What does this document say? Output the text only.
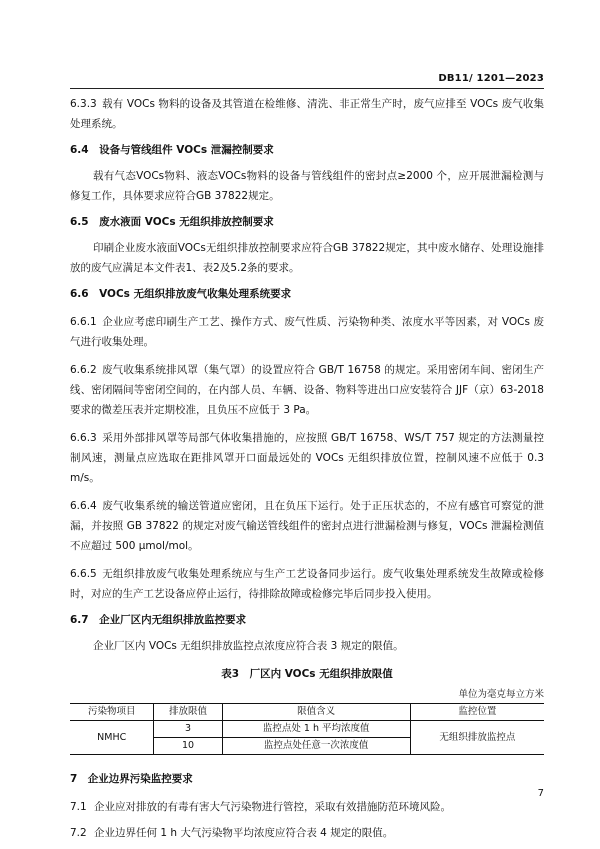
DB11/ 1201—2023

6.3.3 载有 VOCs 物料的设备及其管道在检维修、清洗、非正常生产时，废气应排至 VOCs 废气收集处理系统。

6.4　设备与管线组件 VOCs 泄漏控制要求

载有气态VOCs物料、液态VOCs物料的设备与管线组件的密封点≥2000 个，应开展泄漏检测与修复工作，具体要求应符合GB 37822规定。

6.5　废水液面 VOCs 无组织排放控制要求

印刷企业废水液面VOCs无组织排放控制要求应符合GB 37822规定，其中废水储存、处理设施排放的废气应满足本文件表1、表2及5.2条的要求。

6.6　VOCs 无组织排放废气收集处理系统要求

6.6.1 企业应考虑印刷生产工艺、操作方式、废气性质、污染物种类、浓度水平等因素，对 VOCs 废气进行收集处理。

6.6.2 废气收集系统排风罩（集气罩）的设置应符合 GB/T 16758 的规定。采用密闭车间、密闭生产线、密闭隔间等密闭空间的，在内部人员、车辆、设备、物料等进出口应安装符合 JJF（京）63-2018 要求的微差压表并定期校准，且负压不应低于 3 Pa。

6.6.3 采用外部排风罩等局部气体收集措施的，应按照 GB/T 16758、WS/T 757 规定的方法测量控制风速，测量点应选取在距排风罩开口面最远处的 VOCs 无组织排放位置，控制风速不应低于 0.3 m/s。

6.6.4 废气收集系统的输送管道应密闭，且在负压下运行。处于正压状态的，不应有感官可察觉的泄漏，并按照 GB 37822 的规定对废气输送管线组件的密封点进行泄漏检测与修复，VOCs 泄漏检测值不应超过 500 μmol/mol。

6.6.5 无组织排放废气收集处理系统应与生产工艺设备同步运行。废气收集处理系统发生故障或检修时，对应的生产工艺设备应停止运行，待排除故障或检修完毕后同步投入使用。

6.7　企业厂区内无组织排放监控要求

企业厂区内 VOCs 无组织排放监控点浓度应符合表 3 规定的限值。

表3　厂区内 VOCs 无组织排放限值
单位为毫克每立方米
污染物项目	排放限值	限值含义	监控位置
NMHC	3	监控点处 1 h 平均浓度值	无组织排放监控点
	10	监控点处任意一次浓度值	

7　企业边界污染监控要求

7.1 企业应对排放的有毒有害大气污染物进行管控，采取有效措施防范环境风险。

7.2 企业边界任何 1 h 大气污染物平均浓度应符合表 4 规定的限值。

7
